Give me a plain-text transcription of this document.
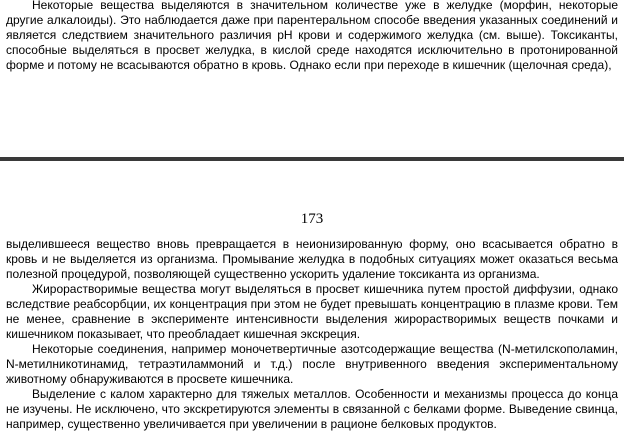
Некоторые вещества выделяются в значительном количестве уже в желудке (морфин, некоторые другие алкалоиды). Это наблюдается даже при парентеральном способе введения указанных соединений и является следствием значительного различия pH крови и содержимого желудка (см. выше). Токсиканты, способные выделяться в просвет желудка, в кислой среде находятся исключительно в протонированной форме и потому не всасываются обратно в кровь. Однако если при переходе в кишечник (щелочная среда),

173

выделившееся вещество вновь превращается в неионизированную форму, оно всасывается обратно в кровь и не выделяется из организма. Промывание желудка в подобных ситуациях может оказаться весьма полезной процедурой, позволяющей существенно ускорить удаление токсиканта из организма.

Жирорастворимые вещества могут выделяться в просвет кишечника путем простой диффузии, однако вследствие реабсорбции, их концентрация при этом не будет превышать концентрацию в плазме крови. Тем не менее, сравнение в эксперименте интенсивности выделения жирорастворимых веществ почками и кишечником показывает, что преобладает кишечная экскреция.

Некоторые соединения, например моночетвертичные азотсодержащие вещества (N-метилскополамин, N-метилникотинамид, тетраэтиламмоний и т.д.) после внутривенного введения экспериментальному животному обнаруживаются в просвете кишечника.

Выделение с калом характерно для тяжелых металлов. Особенности и механизмы процесса до конца не изучены. Не исключено, что экскретируются элементы в связанной с белками форме. Выведение свинца, например, существенно увеличивается при увеличении в рационе белковых продуктов.
